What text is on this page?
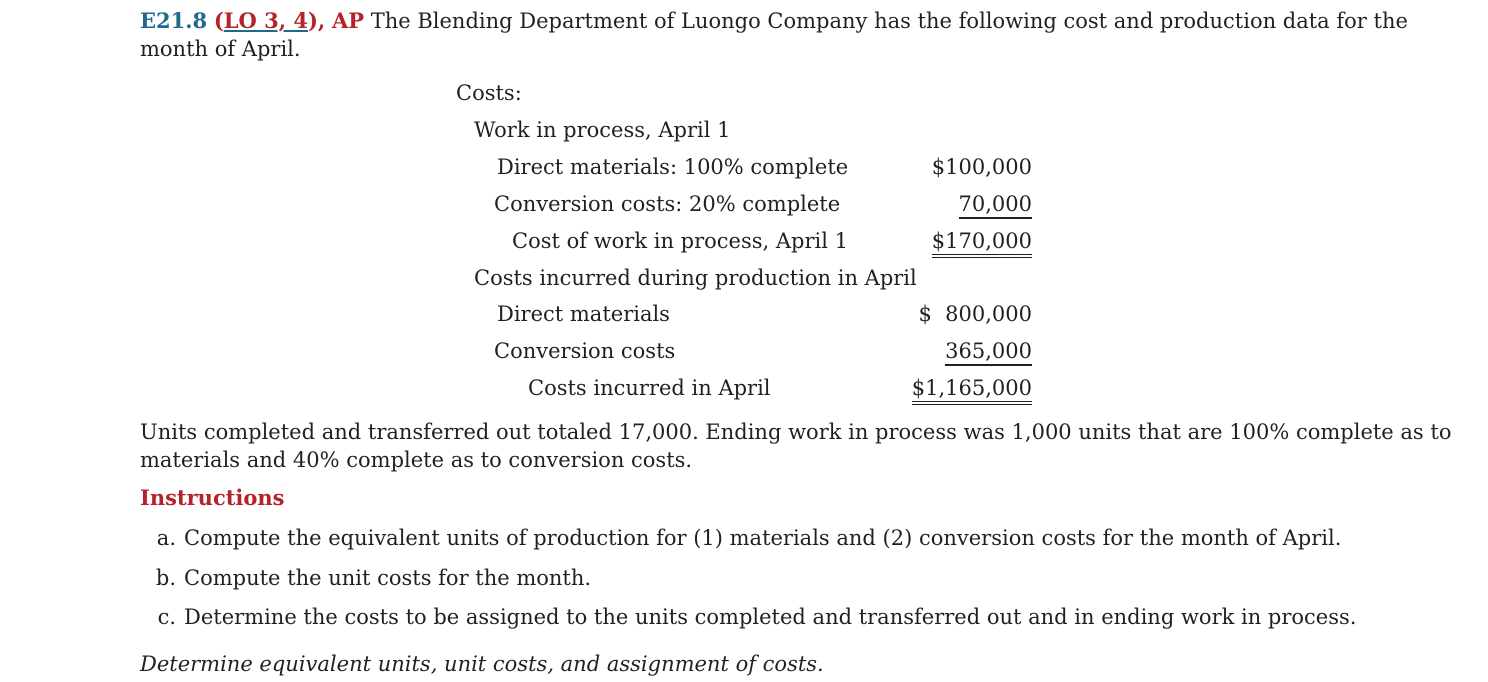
E21.8 (LO 3, 4), AP The Blending Department of Luongo Company has the following cost and production data for the
month of April.
Costs:
Work in process, April 1
Direct materials: 100% complete	$100,000
Conversion costs: 20% complete	70,000
Cost of work in process, April 1	$170,000
Costs incurred during production in April
Direct materials	$  800,000
Conversion costs	365,000
Costs incurred in April	$1,165,000
Units completed and transferred out totaled 17,000. Ending work in process was 1,000 units that are 100% complete as to
materials and 40% complete as to conversion costs.
Instructions
a. Compute the equivalent units of production for (1) materials and (2) conversion costs for the month of April.
b. Compute the unit costs for the month.
c. Determine the costs to be assigned to the units completed and transferred out and in ending work in process.
Determine equivalent units, unit costs, and assignment of costs.
